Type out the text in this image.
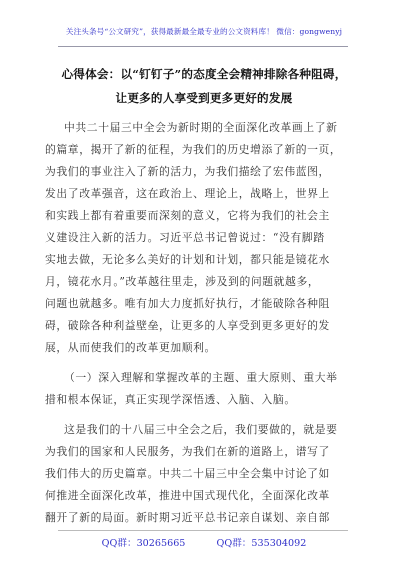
关注头条号“公文研究”，获得最新最全最专业的公文资料库！ 微信：gongwenyj
心得体会：以“钉钉子”的态度全会精神排除各种阻碍，
让更多的人享受到更多更好的发展
中共二十届三中全会为新时期的全面深化改革画上了新
的篇章，揭开了新的征程，为我们的历史增添了新的一页，
为我们的事业注入了新的活力，为我们描绘了宏伟蓝图，
发出了改革强音，这在政治上、理论上，战略上，世界上
和实践上都有着重要而深刻的意义，它将为我们的社会主
义建设注入新的活力。习近平总书记曾说过：“没有脚踏
实地去做，无论多么美好的计划和计划，都只能是镜花水
月，镜花水月。”改革越往里走，涉及到的问题就越多，
问题也就越多。唯有加大力度抓好执行，才能破除各种阻
碍，破除各种利益壁垒，让更多的人享受到更多更好的发
展，从而使我们的改革更加顺利。
（一）深入理解和掌握改革的主题、重大原则、重大举
措和根本保证，真正实现学深悟透、入脑、入脑。
这是我们的十八届三中全会之后，我们要做的，就是要
为我们的国家和人民服务，为我们在新的道路上，谱写了
我们伟大的历史篇章。中共二十届三中全会集中讨论了如
何推进全面深化改革，推进中国式现代化，全面深化改革
翻开了新的局面。新时期习近平总书记亲自谋划、亲自部
QQ群：30265665	QQ群：535304092
